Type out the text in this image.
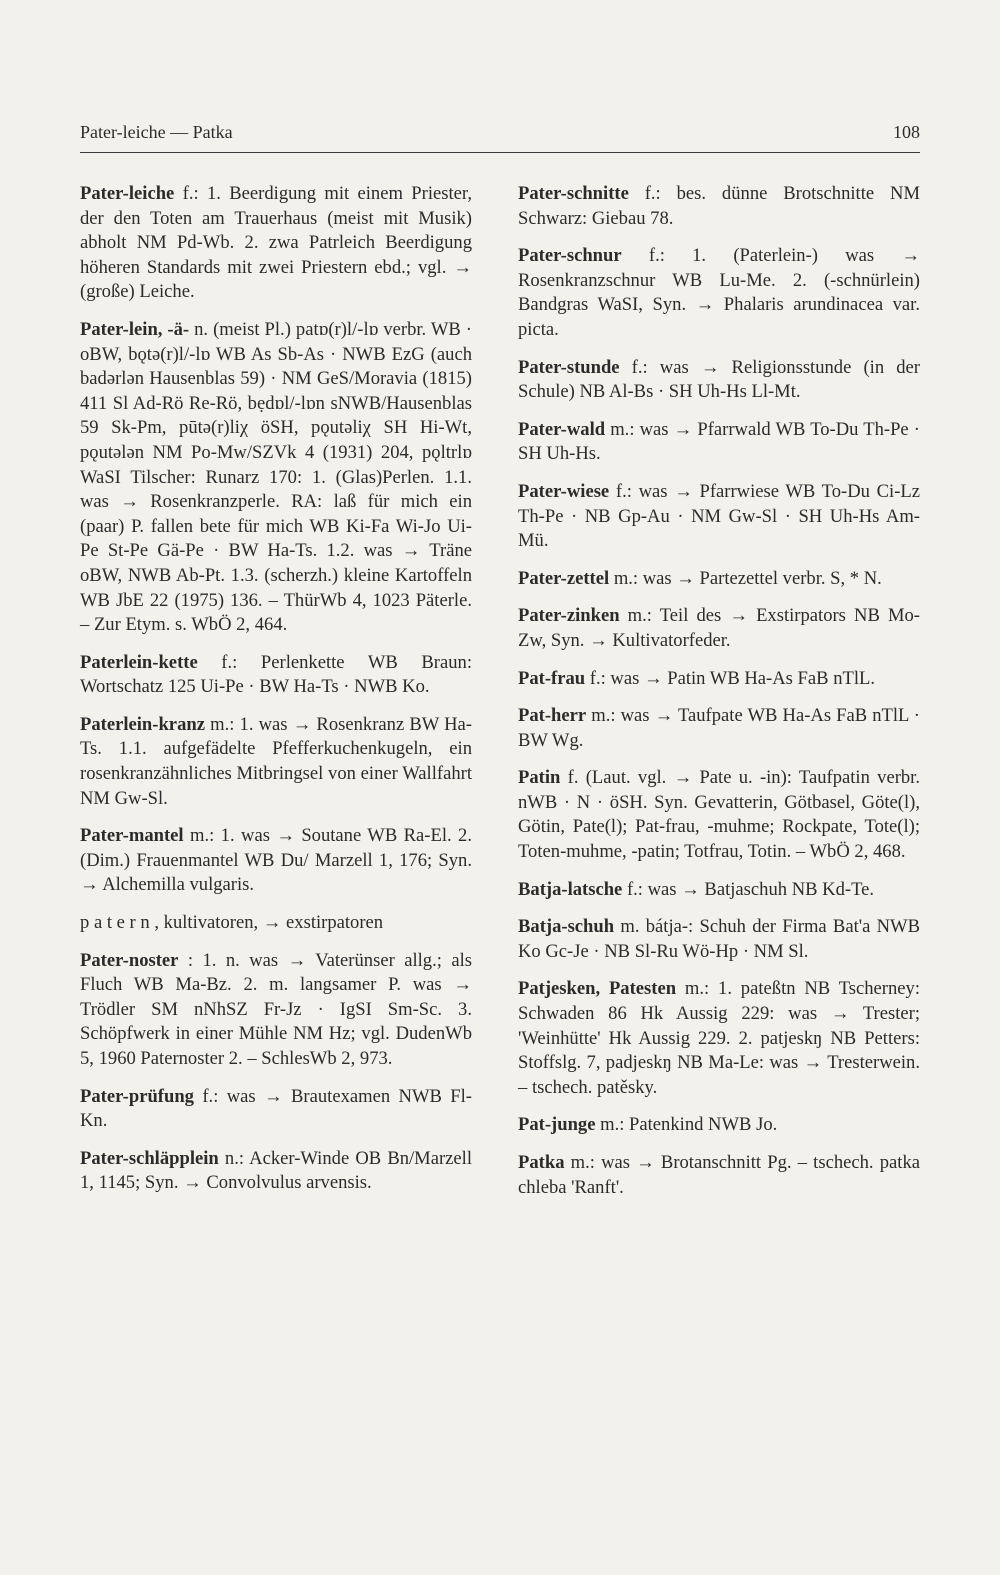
Pater-leiche — Patka	108

Pater-leiche f.: 1. Beerdigung mit einem Priester, der den Toten am Trauerhaus (meist mit Musik) abholt NM Pd-Wb. 2. zwa Patrleich Beerdigung höheren Standards mit zwei Priestern ebd.; vgl. → (große) Leiche.

Pater-lein, -ä- n. (meist Pl.) patɒ(r)l/-lɒ verbr. WB · oBW, bǫtə(r)l/-lɒ WB As Sb-As · NWB EzG (auch badərlən Hausenblas 59) · NM GeS/Moravia (1815) 411 Sl Ad-Rö Re-Rö, bẹdɒl/-lɒn sNWB/Hausenblas 59 Sk-Pm, pūtə(r)liχ öSH, pǫutəliχ SH Hi-Wt, pǫutələn NM Po-Mw/SZVk 4 (1931) 204, pǫltrlɒ WaSI Tilscher: Runarz 170: 1. (Glas)Perlen. 1.1. was → Rosenkranzperle. RA: laß für mich ein (paar) P. fallen bete für mich WB Ki-Fa Wi-Jo Ui-Pe St-Pe Gä-Pe · BW Ha-Ts. 1.2. was → Träne oBW, NWB Ab-Pt. 1.3. (scherzh.) kleine Kartoffeln WB JbE 22 (1975) 136. – ThürWb 4, 1023 Päterle. – Zur Etym. s. WbÖ 2, 464.

Paterlein-kette f.: Perlenkette WB Braun: Wortschatz 125 Ui-Pe · BW Ha-Ts · NWB Ko.

Paterlein-kranz m.: 1. was → Rosenkranz BW Ha-Ts. 1.1. aufgefädelte Pfefferkuchenkugeln, ein rosenkranzähnliches Mitbringsel von einer Wallfahrt NM Gw-Sl.

Pater-mantel m.: 1. was → Soutane WB Ra-El. 2. (Dim.) Frauenmantel WB Du/ Marzell 1, 176; Syn. → Alchemilla vulgaris.

p a t e r n , kultivatoren, → exstirpatoren

Pater-noster : 1. n. was → Vaterünser allg.; als Fluch WB Ma-Bz. 2. m. langsamer P. was → Trödler SM nNhSZ Fr-Jz · IgSI Sm-Sc. 3. Schöpfwerk in einer Mühle NM Hz; vgl. DudenWb 5, 1960 Paternoster 2. – SchlesWb 2, 973.

Pater-prüfung f.: was → Brautexamen NWB Fl-Kn.

Pater-schläpplein n.: Acker-Winde OB Bn/Marzell 1, 1145; Syn. → Convolvulus arvensis.

Pater-schnitte f.: bes. dünne Brotschnitte NM Schwarz: Giebau 78.

Pater-schnur f.: 1. (Paterlein-) was → Rosenkranzschnur WB Lu-Me. 2. (-schnürlein) Bandgras WaSI, Syn. → Phalaris arundinacea var. picta.

Pater-stunde f.: was → Religionsstunde (in der Schule) NB Al-Bs · SH Uh-Hs Ll-Mt.

Pater-wald m.: was → Pfarrwald WB To-Du Th-Pe · SH Uh-Hs.

Pater-wiese f.: was → Pfarrwiese WB To-Du Ci-Lz Th-Pe · NB Gp-Au · NM Gw-Sl · SH Uh-Hs Am-Mü.

Pater-zettel m.: was → Partezettel verbr. S, * N.

Pater-zinken m.: Teil des → Exstirpators NB Mo-Zw, Syn. → Kultivatorfeder.

Pat-frau f.: was → Patin WB Ha-As FaB nTlL.

Pat-herr m.: was → Taufpate WB Ha-As FaB nTlL · BW Wg.

Patin f. (Laut. vgl. → Pate u. -in): Taufpatin verbr. nWB · N · öSH. Syn. Gevatterin, Götbasel, Göte(l), Götin, Pate(l); Pat-frau, -muhme; Rockpate, Tote(l); Toten-muhme, -patin; Totfrau, Totin. – WbÖ 2, 468.

Batja-latsche f.: was → Batjaschuh NB Kd-Te.

Batja-schuh m. bátja-: Schuh der Firma Bat'a NWB Ko Gc-Je · NB Sl-Ru Wö-Hp · NM Sl.

Patjesken, Patesten m.: 1. pateßtn NB Tscherney: Schwaden 86 Hk Aussig 229: was → Trester; 'Weinhütte' Hk Aussig 229. 2. patjeskŋ NB Petters: Stoffslg. 7, padjeskŋ NB Ma-Le: was → Tresterwein. – tschech. patěsky.

Pat-junge m.: Patenkind NWB Jo.

Patka m.: was → Brotanschnitt Pg. – tschech. patka chleba 'Ranft'.
